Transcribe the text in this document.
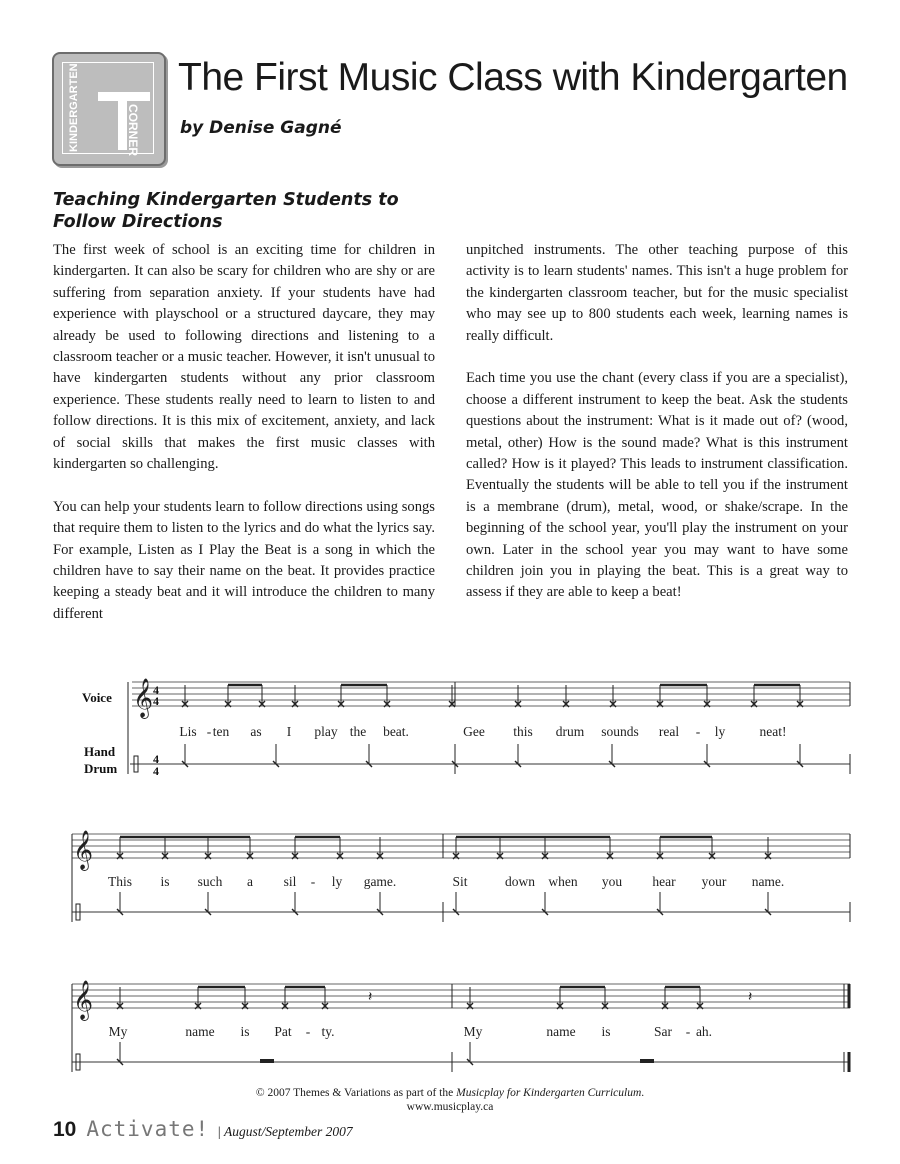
KINDERGARTEN	CORNER
The First Music Class with Kindergarten
by Denise Gagné
Teaching Kindergarten Students to Follow Directions

The first week of school is an exciting time for children in kindergarten. It can also be scary for children who are shy or are suffering from separation anxiety. If your students have had experience with playschool or a structured daycare, they may already be used to following directions and listening to a classroom teacher or a music teacher. However, it isn't unusual to have kindergarten students without any prior classroom experience. These students really need to learn to listen to and follow directions. It is this mix of excitement, anxiety, and lack of social skills that makes the first music classes with kindergarten so challenging.

You can help your students learn to follow directions using songs that require them to listen to the lyrics and do what the lyrics say. For example, Listen as I Play the Beat is a song in which the children have to say their name on the beat. It provides practice keeping a steady beat and it will introduce the children to many different

unpitched instruments. The other teaching purpose of this activity is to learn students' names. This isn't a huge problem for the kindergarten classroom teacher, but for the music specialist who may see up to 800 students each week, learning names is really difficult.

Each time you use the chant (every class if you are a specialist), choose a different instrument to keep the beat. Ask the students questions about the instrument: What is it made out of? (wood, metal, other) How is the sound made? What is this instrument called? How is it played? This leads to instrument classification. Eventually the students will be able to tell you if the instrument is a membrane (drum), metal, wood, or shake/scrape. In the beginning of the school year, you'll play the instrument on your own. Later in the school year you may want to have some children join you in playing the beat. This is a great way to assess if they are able to keep a beat!

Voice
Hand
Drum
4
4
4
4
Lis - ten as I play the beat.	Gee this drum sounds real - ly	neat!
This is such a sil - ly game.	Sit	down when you hear your name.
My	name is Pat - ty.	My	name is	Sar - ah.
𝄞
𝄞
𝄞	𝄽	𝄽
© 2007 Themes & Variations as part of the Musicplay for Kindergarten Curriculum.
www.musicplay.ca
10 Activate! | August/September 2007
